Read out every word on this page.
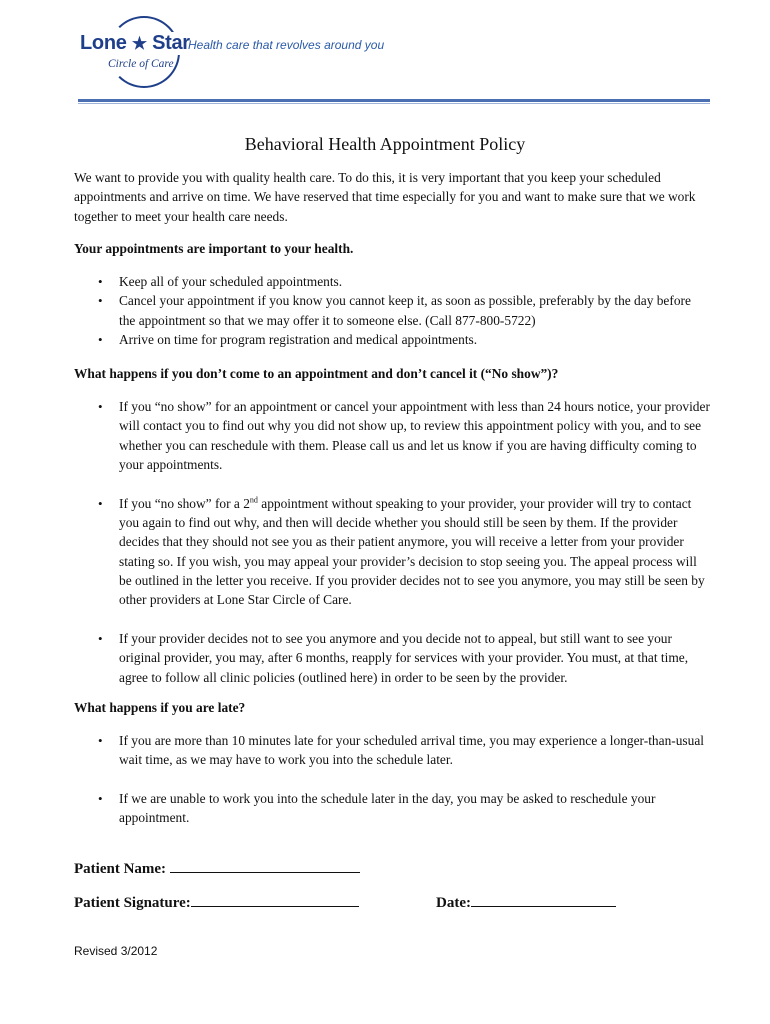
Lone ★ Star
Circle of Care
Health care that revolves around you
Behavioral Health Appointment Policy
We want to provide you with quality health care. To do this, it is very important that you keep your scheduled appointments and arrive on time. We have reserved that time especially for you and want to make sure that we work together to meet your health care needs.
Your appointments are important to your health.
• Keep all of your scheduled appointments.
• Cancel your appointment if you know you cannot keep it, as soon as possible, preferably by the day before the appointment so that we may offer it to someone else. (Call 877-800-5722)
• Arrive on time for program registration and medical appointments.
What happens if you don’t come to an appointment and don’t cancel it (“No show”)?
• If you “no show” for an appointment or cancel your appointment with less than 24 hours notice, your provider will contact you to find out why you did not show up, to review this appointment policy with you, and to see whether you can reschedule with them. Please call us and let us know if you are having difficulty coming to your appointments.
• If you “no show” for a 2nd appointment without speaking to your provider, your provider will try to contact you again to find out why, and then will decide whether you should still be seen by them. If the provider decides that they should not see you as their patient anymore, you will receive a letter from your provider stating so. If you wish, you may appeal your provider’s decision to stop seeing you. The appeal process will be outlined in the letter you receive. If you provider decides not to see you anymore, you may still be seen by other providers at Lone Star Circle of Care.
• If your provider decides not to see you anymore and you decide not to appeal, but still want to see your original provider, you may, after 6 months, reapply for services with your provider. You must, at that time, agree to follow all clinic policies (outlined here) in order to be seen by the provider.
What happens if you are late?
• If you are more than 10 minutes late for your scheduled arrival time, you may experience a longer-than-usual wait time, as we may have to work you into the schedule later.
• If we are unable to work you into the schedule later in the day, you may be asked to reschedule your appointment.
Patient Name:
Patient Signature:	Date:
Revised 3/2012
